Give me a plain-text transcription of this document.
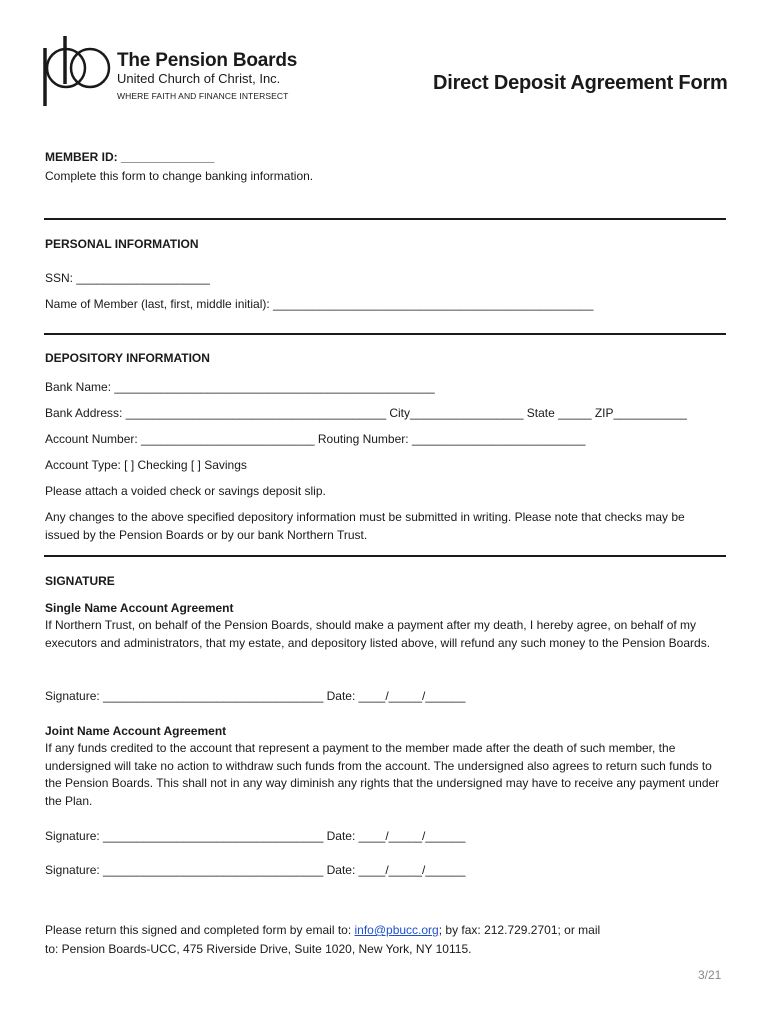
The Pension Boards
United Church of Christ, Inc.
WHERE FAITH AND FINANCE INTERSECT
Direct Deposit Agreement Form
MEMBER ID: ______________
Complete this form to change banking information.
PERSONAL INFORMATION
SSN: ____________________
Name of Member (last, first, middle initial): ________________________________________________
DEPOSITORY INFORMATION
Bank Name: ________________________________________________
Bank Address: _______________________________________ City_________________ State _____ ZIP___________
Account Number: __________________________ Routing Number: __________________________
Account Type: [ ] Checking [ ] Savings
Please attach a voided check or savings deposit slip.
Any changes to the above specified depository information must be submitted in writing. Please note that checks may be issued by the Pension Boards or by our bank Northern Trust.
SIGNATURE
Single Name Account Agreement
If Northern Trust, on behalf of the Pension Boards, should make a payment after my death, I hereby agree, on behalf of my executors and administrators, that my estate, and depository listed above, will refund any such money to the Pension Boards.
Signature: _________________________________ Date: ____/_____/______
Joint Name Account Agreement
If any funds credited to the account that represent a payment to the member made after the death of such member, the undersigned will take no action to withdraw such funds from the account. The undersigned also agrees to return such funds to the Pension Boards. This shall not in any way diminish any rights that the undersigned may have to receive any payment under the Plan.
Signature: _________________________________ Date: ____/_____/______
Signature: _________________________________ Date: ____/_____/______
Please return this signed and completed form by email to: info@pbucc.org; by fax: 212.729.2701; or mail
to: Pension Boards-UCC, 475 Riverside Drive, Suite 1020, New York, NY 10115.
3/21
